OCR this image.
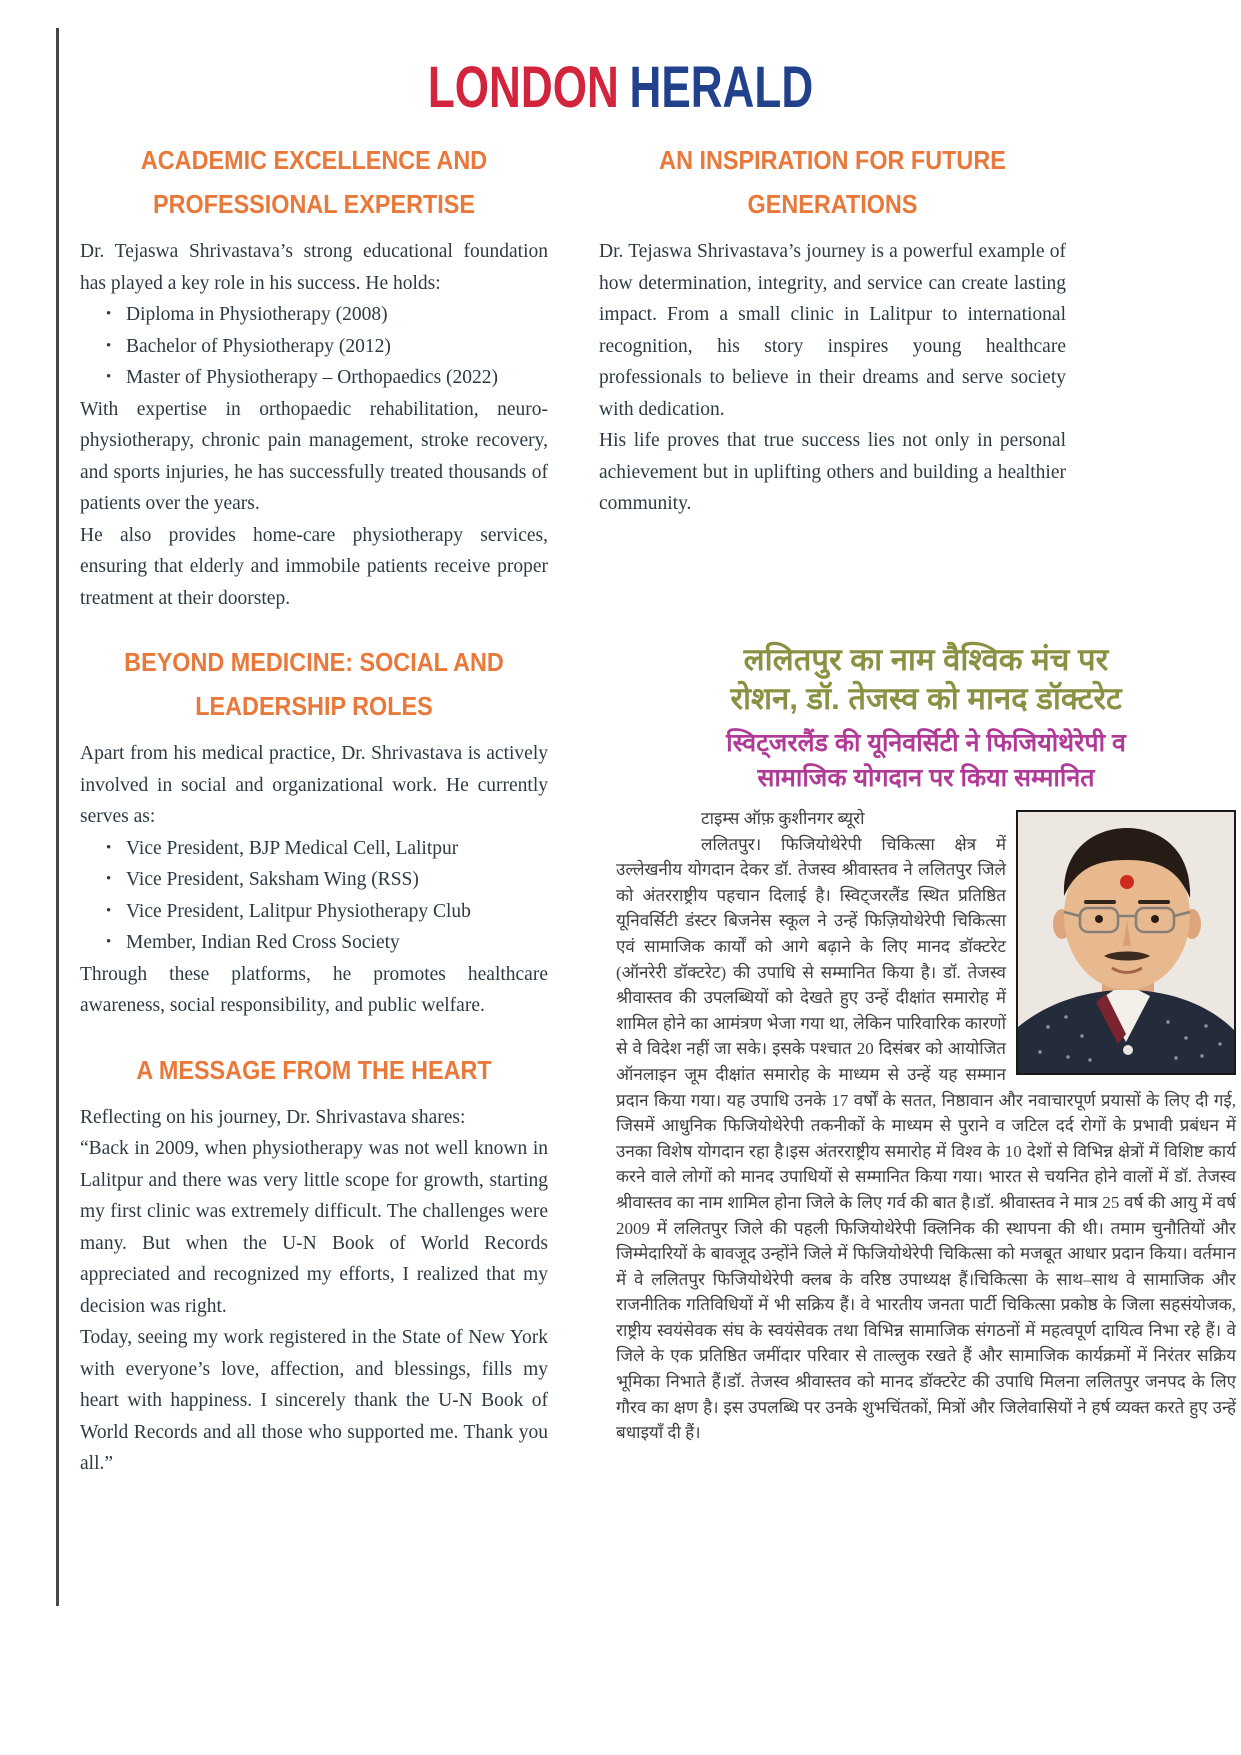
LONDON HERALD
ACADEMIC EXCELLENCE AND
PROFESSIONAL EXPERTISE

Dr. Tejaswa Shrivastava’s strong educational foundation has played a key role in his success. He holds:

• Diploma in Physiotherapy (2008)
• Bachelor of Physiotherapy (2012)
• Master of Physiotherapy – Orthopaedics (2022)

With expertise in orthopaedic rehabilitation, neuro-physiotherapy, chronic pain management, stroke recovery, and sports injuries, he has successfully treated thousands of patients over the years.

He also provides home-care physiotherapy services, ensuring that elderly and immobile patients receive proper treatment at their doorstep.

BEYOND MEDICINE: SOCIAL AND
LEADERSHIP ROLES

Apart from his medical practice, Dr. Shrivastava is actively involved in social and organizational work. He currently serves as:

• Vice President, BJP Medical Cell, Lalitpur
• Vice President, Saksham Wing (RSS)
• Vice President, Lalitpur Physiotherapy Club
• Member, Indian Red Cross Society

Through these platforms, he promotes healthcare awareness, social responsibility, and public welfare.

A MESSAGE FROM THE HEART

Reflecting on his journey, Dr. Shrivastava shares:

“Back in 2009, when physiotherapy was not well known in Lalitpur and there was very little scope for growth, starting my first clinic was extremely difficult. The challenges were many. But when the U-N Book of World Records appreciated and recognized my efforts, I realized that my decision was right.

Today, seeing my work registered in the State of New York with everyone’s love, affection, and blessings, fills my heart with happiness. I sincerely thank the U-N Book of World Records and all those who supported me. Thank you all.”

AN INSPIRATION FOR FUTURE
GENERATIONS

Dr. Tejaswa Shrivastava’s journey is a powerful example of how determination, integrity, and service can create lasting impact. From a small clinic in Lalitpur to international recognition, his story inspires young healthcare professionals to believe in their dreams and serve society with dedication.

His life proves that true success lies not only in personal achievement but in uplifting others and building a healthier community.

ललितपुर का नाम वैश्विक मंच पर
रोशन, डॉ. तेजस्व को मानद डॉक्टरेट

स्विट्जरलैंड की यूनिवर्सिटी ने फिजियोथेरेपी व
सामाजिक योगदान पर किया सम्मानित

टाइम्स ऑफ़ कुशीनगर ब्यूरो

ललितपुर। फिजियोथेरेपी चिकित्सा क्षेत्र में उल्लेखनीय योगदान देकर डॉ. तेजस्व श्रीवास्तव ने ललितपुर जिले को अंतरराष्ट्रीय पहचान दिलाई है। स्विट्जरलैंड स्थित प्रतिष्ठित यूनिवर्सिटी डंस्टर बिजनेस स्कूल ने उन्हें फिज़ियोथेरेपी चिकित्सा एवं सामाजिक कार्यों को आगे बढ़ाने के लिए मानद डॉक्टरेट (ऑनरेरी डॉक्टरेट) की उपाधि से सम्मानित किया है। डॉ. तेजस्व श्रीवास्तव की उपलब्धियों को देखते हुए उन्हें दीक्षांत समारोह में शामिल होने का आमंत्रण भेजा गया था, लेकिन पारिवारिक कारणों से वे विदेश नहीं जा सके। इसके पश्चात 20 दिसंबर को आयोजित ऑनलाइन जूम दीक्षांत समारोह के माध्यम से उन्हें यह सम्मान प्रदान किया गया। यह उपाधि उनके 17 वर्षों के सतत, निष्ठावान और नवाचारपूर्ण प्रयासों के लिए दी गई, जिसमें आधुनिक फिजियोथेरेपी तकनीकों के माध्यम से पुराने व जटिल दर्द रोगों के प्रभावी प्रबंधन में उनका विशेष योगदान रहा है।इस अंतरराष्ट्रीय समारोह में विश्व के 10 देशों से विभिन्न क्षेत्रों में विशिष्ट कार्य करने वाले लोगों को मानद उपाधियों से सम्मानित किया गया। भारत से चयनित होने वालों में डॉ. तेजस्व श्रीवास्तव का नाम शामिल होना जिले के लिए गर्व की बात है।डॉ. श्रीवास्तव ने मात्र 25 वर्ष की आयु में वर्ष 2009 में ललितपुर जिले की पहली फिजियोथेरेपी क्लिनिक की स्थापना की थी। तमाम चुनौतियों और जिम्मेदारियों के बावजूद उन्होंने जिले में फिजियोथेरेपी चिकित्सा को मजबूत आधार प्रदान किया। वर्तमान में वे ललितपुर फिजियोथेरेपी क्लब के वरिष्ठ उपाध्यक्ष हैं।चिकित्सा के साथ–साथ वे सामाजिक और राजनीतिक गतिविधियों में भी सक्रिय हैं। वे भारतीय जनता पार्टी चिकित्सा प्रकोष्ठ के जिला सहसंयोजक, राष्ट्रीय स्वयंसेवक संघ के स्वयंसेवक तथा विभिन्न सामाजिक संगठनों में महत्वपूर्ण दायित्व निभा रहे हैं। वे जिले के एक प्रतिष्ठित जमींदार परिवार से ताल्लुक रखते हैं और सामाजिक कार्यक्रमों में निरंतर सक्रिय भूमिका निभाते हैं।डॉ. तेजस्व श्रीवास्तव को मानद डॉक्टरेट की उपाधि मिलना ललितपुर जनपद के लिए गौरव का क्षण है। इस उपलब्धि पर उनके शुभचिंतकों, मित्रों और जिलेवासियों ने हर्ष व्यक्त करते हुए उन्हें बधाइयाँ दी हैं।
